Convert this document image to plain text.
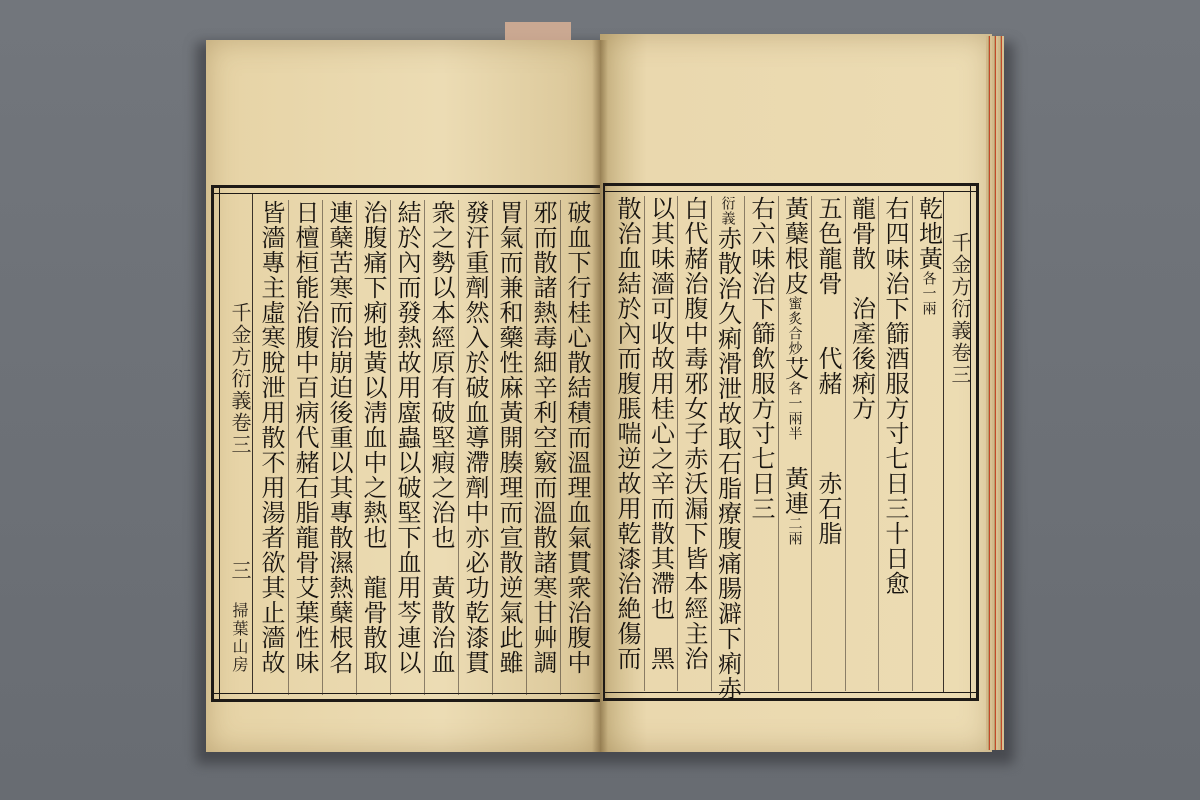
千金方衍義卷三
三
掃葉山房	破血下行桂心散結積而溫理血氣貫衆治腹中
邪而散諸熱毒細辛利空竅而溫散諸寒甘艸調
胃氣而兼和藥性麻黃開腠理而宣散逆氣此雖
發汗重劑然入於破血導滯劑中亦必功乾漆貫
衆之勢以本經原有破堅瘕之治也　黃散治血
結於內而發熱故用䗪蟲以破堅下血用芩連以
治腹痛下痢地黃以淸血中之熱也　龍骨散取
連蘖苦寒而治崩迫後重以其專散濕熱蘖根名
日檀桓能治腹中百病代赭石脂龍骨艾葉性味
皆濇專主虛寒脫泄用散不用湯者欲其止濇故	乾地黃各一兩
右四味治下篩酒服方寸七日三十日愈
龍骨散　治產後痢方
五色龍骨　　代赭　　　赤石脂
黃蘖根皮蜜炙合炒艾各一兩半　黃連二兩
右六味治下篩飲服方寸七日三
衍義赤散治久痢滑泄故取石脂療腹痛腸澼下痢赤
白代赭治腹中毒邪女子赤沃漏下皆本經主治
以其味濇可收故用桂心之辛而散其滯也　黑
散治血結於內而腹脹喘逆故用乾漆治絶傷而	千金方衍義卷三
